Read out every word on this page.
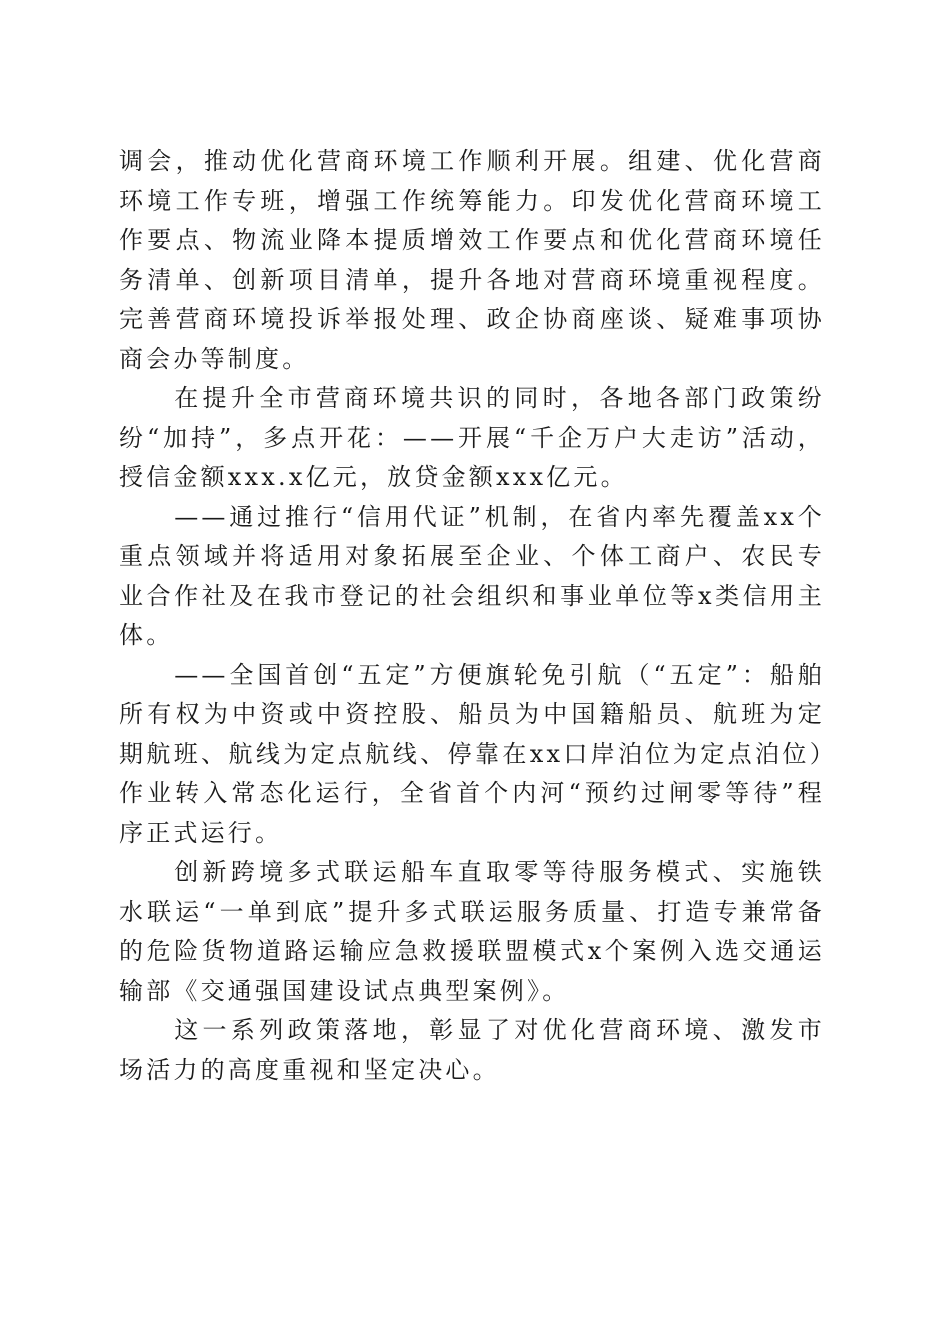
调会，推动优化营商环境工作顺利开展。组建、优化营商环境工作专班，增强工作统筹能力。印发优化营商环境工作要点、物流业降本提质增效工作要点和优化营商环境任务清单、创新项目清单，提升各地对营商环境重视程度。完善营商环境投诉举报处理、政企协商座谈、疑难事项协商会办等制度。

在提升全市营商环境共识的同时，各地各部门政策纷纷“加持”，多点开花：——开展“千企万户大走访”活动，授信金额xxx.x亿元，放贷金额xxx亿元。

——通过推行“信用代证”机制，在省内率先覆盖xx个重点领域并将适用对象拓展至企业、个体工商户、农民专业合作社及在我市登记的社会组织和事业单位等x类信用主体。

——全国首创“五定”方便旗轮免引航（“五定”：船舶所有权为中资或中资控股、船员为中国籍船员、航班为定期航班、航线为定点航线、停靠在xx口岸泊位为定点泊位）作业转入常态化运行，全省首个内河“预约过闸零等待”程序正式运行。

创新跨境多式联运船车直取零等待服务模式、实施铁水联运“一单到底”提升多式联运服务质量、打造专兼常备的危险货物道路运输应急救援联盟模式x个案例入选交通运输部《交通强国建设试点典型案例》。

这一系列政策落地，彰显了对优化营商环境、激发市场活力的高度重视和坚定决心。
